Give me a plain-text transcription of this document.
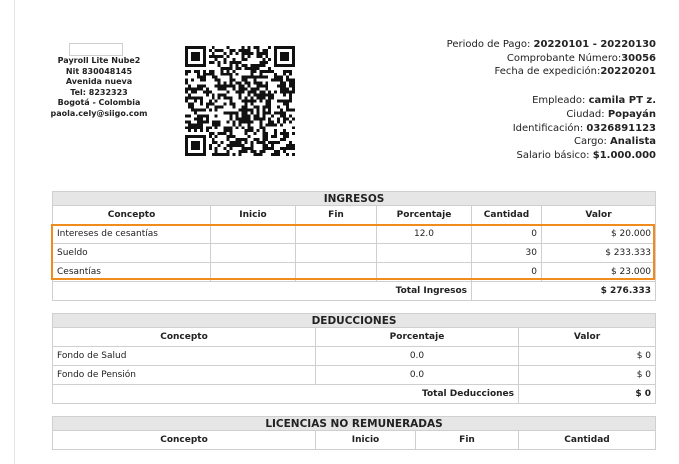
Payroll Lite Nube2
Nit 830048145
Avenida nueva
Tel: 8232323
Bogotá - Colombia
paola.cely@siigo.com
Periodo de Pago: 20220101 - 20220130
Comprobante Número:30056
Fecha de expedición:20220201
Empleado: camila PT z.
Ciudad: Popayán
Identificación: 0326891123
Cargo: Analista
Salario básico: $1.000.000
INGRESOS					
Concepto	Inicio	Fin	Porcentaje	Cantidad	Valor
Intereses de cesantías			12.0	0	$ 20.000
Sueldo				30	$ 233.333
Cesantías				0	$ 23.000
Total Ingresos				$ 276.333	
DEDUCCIONES		
Concepto	Porcentaje	Valor
Fondo de Salud	0.0	$ 0
Fondo de Pensión	0.0	$ 0
Total Deducciones		$ 0
LICENCIAS NO REMUNERADAS
Concepto	Inicio	Fin	Cantidad
